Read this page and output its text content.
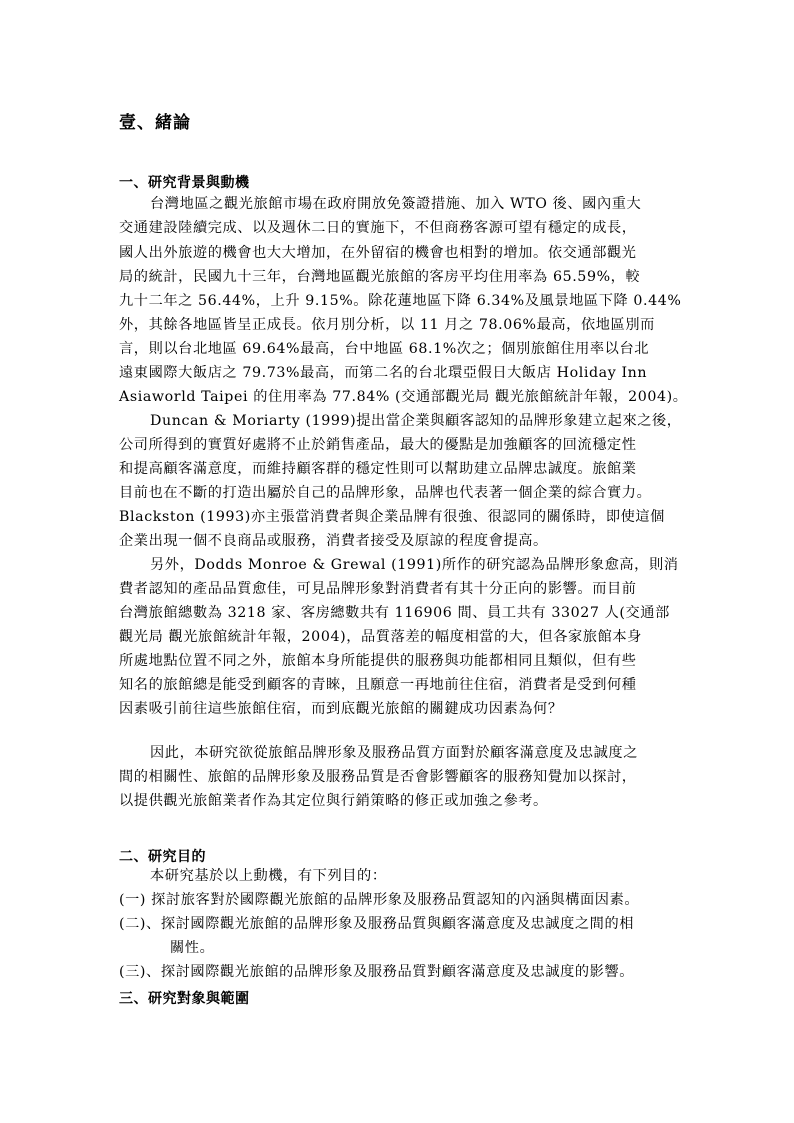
壹、緒論
一、研究背景與動機
台灣地區之觀光旅館市場在政府開放免簽證措施、加入 WTO 後、國內重大
交通建設陸續完成、以及週休二日的實施下，不但商務客源可望有穩定的成長，
國人出外旅遊的機會也大大增加，在外留宿的機會也相對的增加。依交通部觀光
局的統計，民國九十三年，台灣地區觀光旅館的客房平均住用率為 65.59%，較
九十二年之 56.44%，上升 9.15%。除花蓮地區下降 6.34%及風景地區下降 0.44%
外，其餘各地區皆呈正成長。依月別分析，以 11 月之 78.06%最高，依地區別而
言，則以台北地區 69.64%最高，台中地區 68.1%次之；個別旅館住用率以台北
遠東國際大飯店之 79.73%最高，而第二名的台北環亞假日大飯店 Holiday Inn
Asiaworld Taipei 的住用率為 77.84% (交通部觀光局 觀光旅館統計年報，2004)。
Duncan & Moriarty (1999)提出當企業與顧客認知的品牌形象建立起來之後，
公司所得到的實質好處將不止於銷售產品，最大的優點是加強顧客的回流穩定性
和提高顧客滿意度，而維持顧客群的穩定性則可以幫助建立品牌忠誠度。旅館業
目前也在不斷的打造出屬於自己的品牌形象，品牌也代表著一個企業的綜合實力。
Blackston (1993)亦主張當消費者與企業品牌有很強、很認同的關係時，即使這個
企業出現一個不良商品或服務，消費者接受及原諒的程度會提高。
另外，Dodds Monroe & Grewal (1991)所作的研究認為品牌形象愈高，則消
費者認知的產品品質愈佳，可見品牌形象對消費者有其十分正向的影響。而目前
台灣旅館總數為 3218 家、客房總數共有 116906 間、員工共有 33027 人(交通部
觀光局 觀光旅館統計年報，2004)，品質落差的幅度相當的大，但各家旅館本身
所處地點位置不同之外，旅館本身所能提供的服務與功能都相同且類似，但有些
知名的旅館總是能受到顧客的青睞，且願意一再地前往住宿，消費者是受到何種
因素吸引前往這些旅館住宿，而到底觀光旅館的關鍵成功因素為何？
因此，本研究欲從旅館品牌形象及服務品質方面對於顧客滿意度及忠誠度之
間的相關性、旅館的品牌形象及服務品質是否會影響顧客的服務知覺加以探討，
以提供觀光旅館業者作為其定位與行銷策略的修正或加強之參考。
二、研究目的
本研究基於以上動機，有下列目的：
(一) 探討旅客對於國際觀光旅館的品牌形象及服務品質認知的內涵與構面因素。
(二)、探討國際觀光旅館的品牌形象及服務品質與顧客滿意度及忠誠度之間的相
關性。
(三)、探討國際觀光旅館的品牌形象及服務品質對顧客滿意度及忠誠度的影響。
三、研究對象與範圍
